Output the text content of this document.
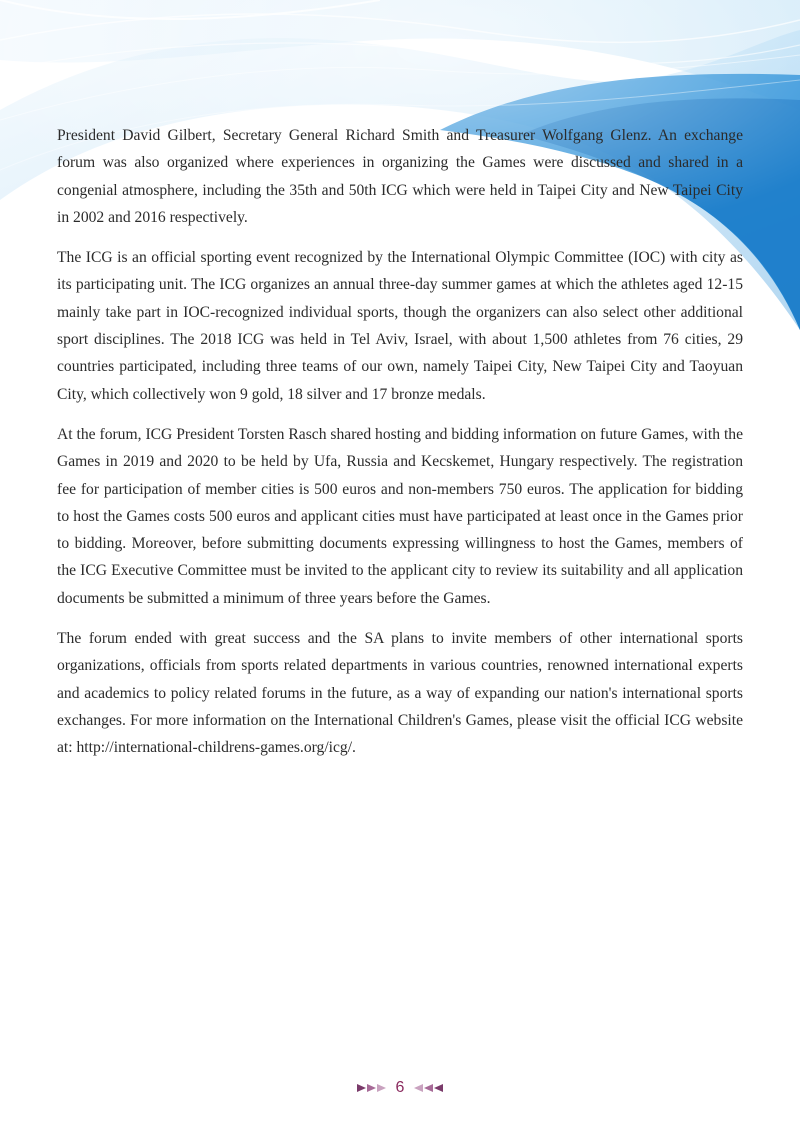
President David Gilbert, Secretary General Richard Smith and Treasurer Wolfgang Glenz. An exchange forum was also organized where experiences in organizing the Games were discussed and shared in a congenial atmosphere, including the 35th and 50th ICG which were held in Taipei City and New Taipei City in 2002 and 2016 respectively.

The ICG is an official sporting event recognized by the International Olympic Committee (IOC) with city as its participating unit. The ICG organizes an annual three-day summer games at which the athletes aged 12-15 mainly take part in IOC-recognized individual sports, though the organizers can also select other additional sport disciplines. The 2018 ICG was held in Tel Aviv, Israel, with about 1,500 athletes from 76 cities, 29 countries participated, including three teams of our own, namely Taipei City, New Taipei City and Taoyuan City, which collectively won 9 gold, 18 silver and 17 bronze medals.

At the forum, ICG President Torsten Rasch shared hosting and bidding information on future Games, with the Games in 2019 and 2020 to be held by Ufa, Russia and Kecskemet, Hungary respectively. The registration fee for participation of member cities is 500 euros and non-members 750 euros. The application for bidding to host the Games costs 500 euros and applicant cities must have participated at least once in the Games prior to bidding. Moreover, before submitting documents expressing willingness to host the Games, members of the ICG Executive Committee must be invited to the applicant city to review its suitability and all application documents be submitted a minimum of three years before the Games.

The forum ended with great success and the SA plans to invite members of other international sports organizations, officials from sports related departments in various countries, renowned international experts and academics to policy related forums in the future, as a way of expanding our nation's international sports exchanges. For more information on the International Children's Games, please visit the official ICG website at: http://international-childrens-games.org/icg/.

6
